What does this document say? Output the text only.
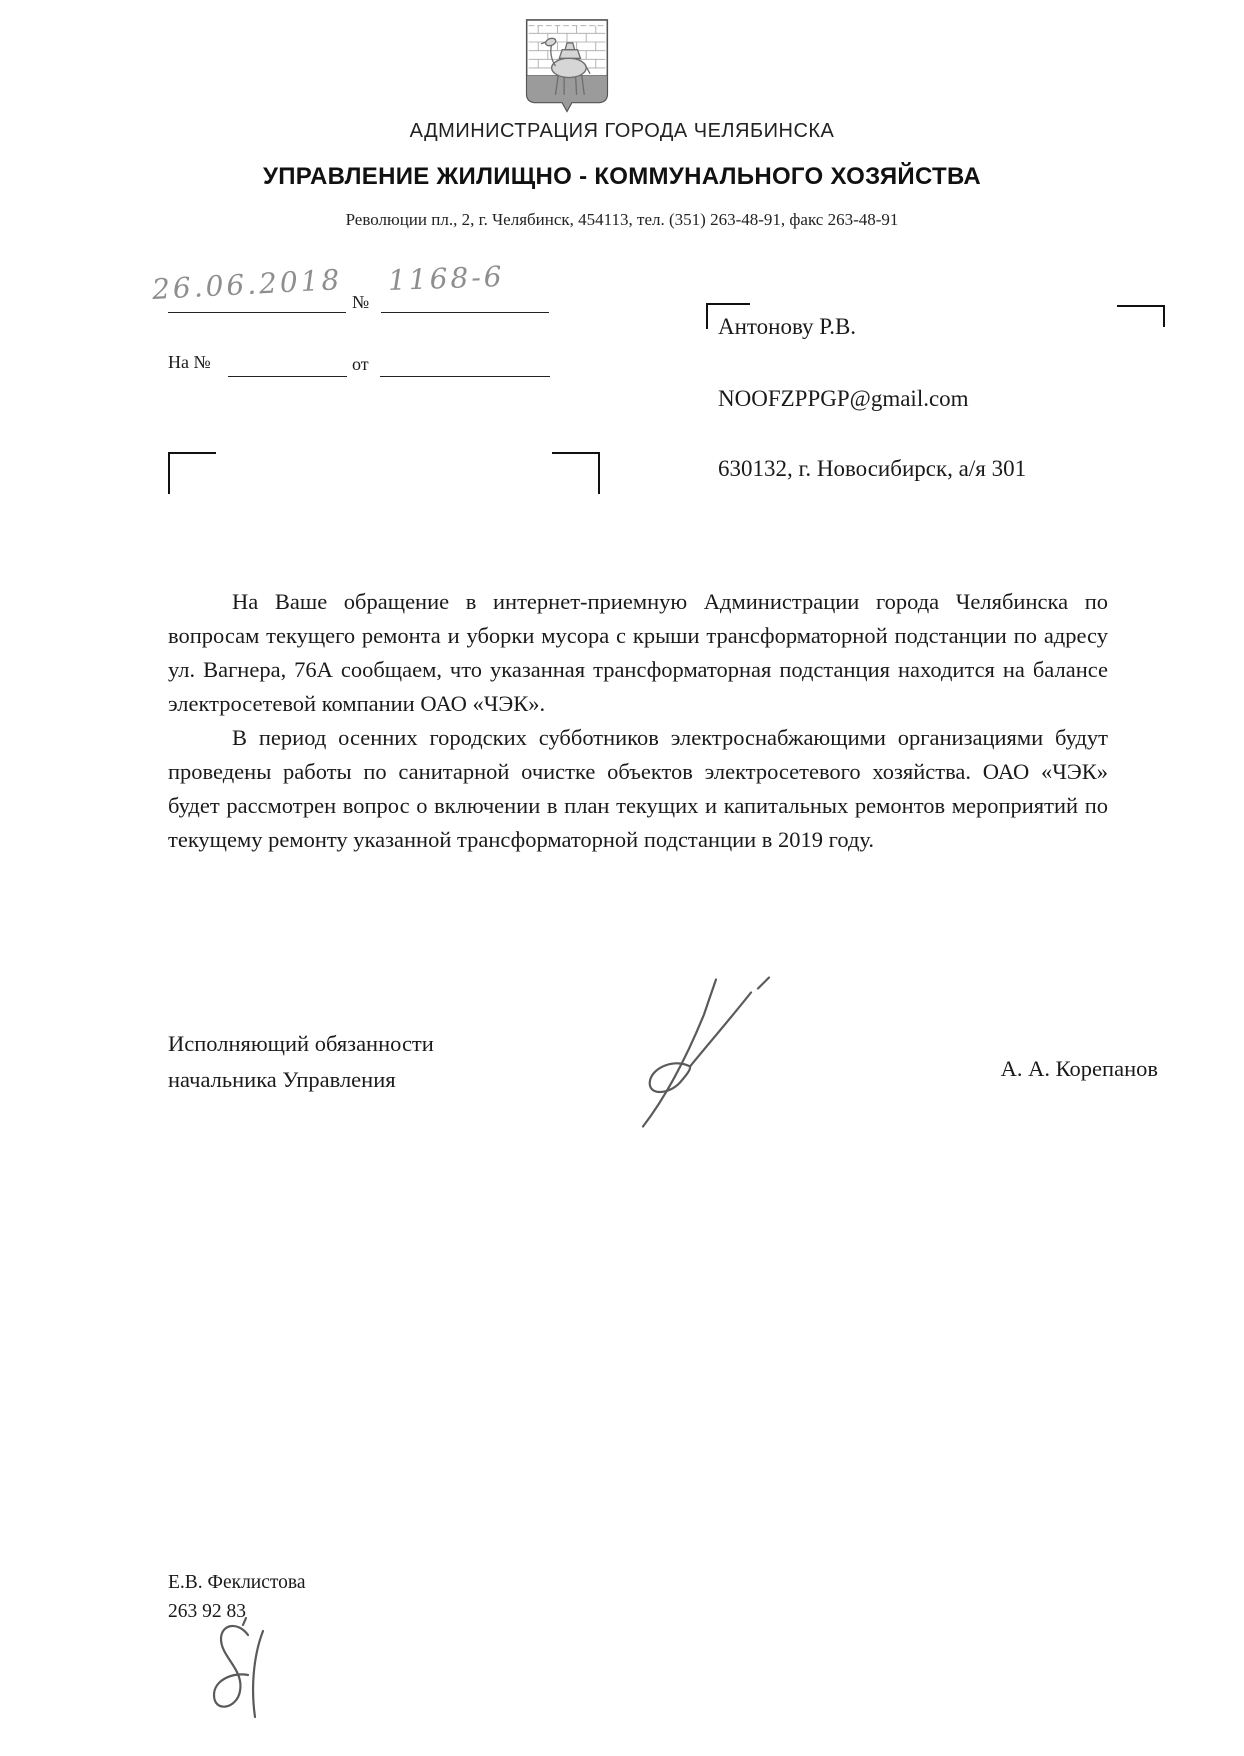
АДМИНИСТРАЦИЯ ГОРОДА ЧЕЛЯБИНСКА
УПРАВЛЕНИЕ ЖИЛИЩНО - КОММУНАЛЬНОГО ХОЗЯЙСТВА
Революции пл., 2, г. Челябинск, 454113, тел. (351) 263-48-91, факс 263-48-91
26.06.2018 №
1168-6
На №	от
Антонову Р.В.
NOOFZPPGP@gmail.com
630132, г. Новосибирск, а/я 301

На Ваше обращение в интернет-приемную Администрации города Челябинска по вопросам текущего ремонта и уборки мусора с крыши трансформаторной подстанции по адресу ул. Вагнера, 76А сообщаем, что указанная трансформаторная подстанция находится на балансе электросетевой компании ОАО «ЧЭК».

В период осенних городских субботников электроснабжающими организациями будут проведены работы по санитарной очистке объектов электросетевого хозяйства. ОАО «ЧЭК» будет рассмотрен вопрос о включении в план текущих и капитальных ремонтов мероприятий по текущему ремонту указанной трансформаторной подстанции в 2019 году.

Исполняющий обязанности
начальника Управления	А. А. Корепанов
Е.В. Феклистова
263 92 83
